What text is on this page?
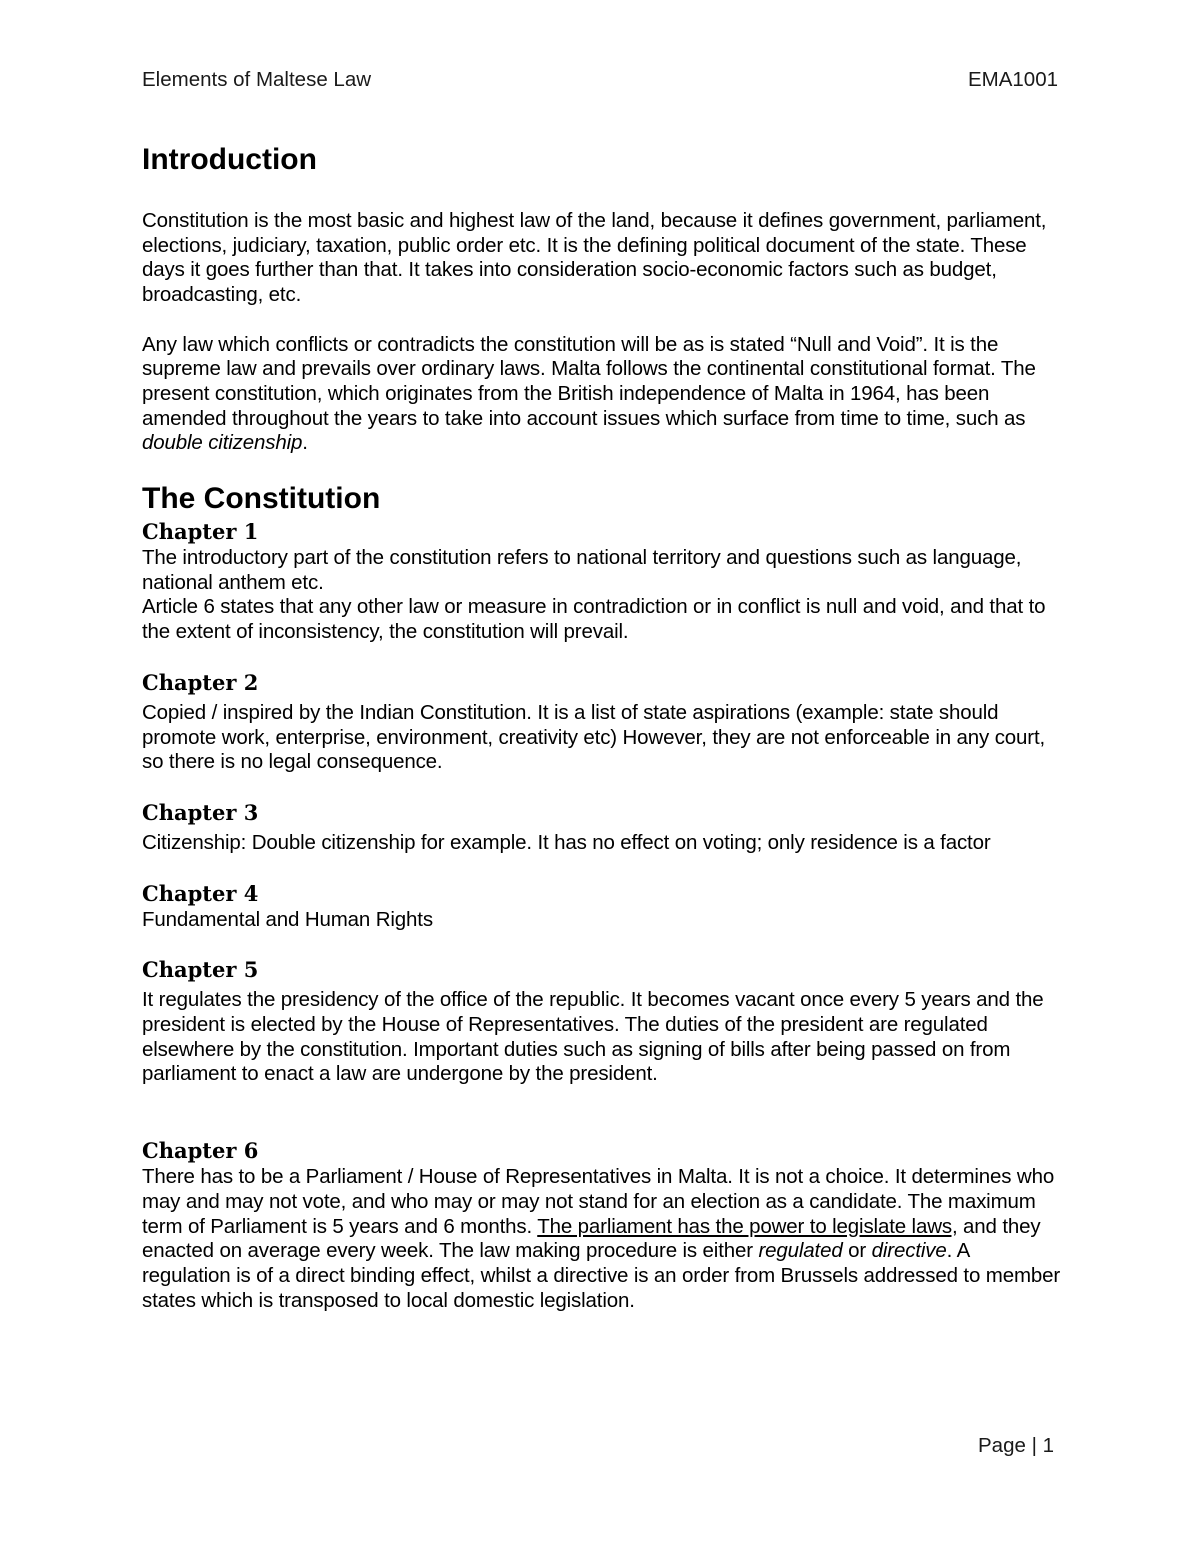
Elements of Maltese Law	EMA1001
Introduction

Constitution is the most basic and highest law of the land, because it defines government, parliament, elections, judiciary, taxation, public order etc. It is the defining political document of the state. These days it goes further than that. It takes into consideration socio-economic factors such as budget, broadcasting, etc.

Any law which conflicts or contradicts the constitution will be as is stated “Null and Void”. It is the supreme law and prevails over ordinary laws. Malta follows the continental constitutional format. The present constitution, which originates from the British independence of Malta in 1964, has been amended throughout the years to take into account issues which surface from time to time, such as double citizenship.

The Constitution
Chapter 1

The introductory part of the constitution refers to national territory and questions such as language, national anthem etc.

Article 6 states that any other law or measure in contradiction or in conflict is null and void, and that to the extent of inconsistency, the constitution will prevail.

Chapter 2

Copied / inspired by the Indian Constitution. It is a list of state aspirations (example: state should promote work, enterprise, environment, creativity etc) However, they are not enforceable in any court, so there is no legal consequence.

Chapter 3

Citizenship: Double citizenship for example. It has no effect on voting; only residence is a factor

Chapter 4

Fundamental and Human Rights

Chapter 5

It regulates the presidency of the office of the republic. It becomes vacant once every 5 years and the president is elected by the House of Representatives. The duties of the president are regulated elsewhere by the constitution. Important duties such as signing of bills after being passed on from parliament to enact a law are undergone by the president.

Chapter 6

There has to be a Parliament / House of Representatives in Malta. It is not a choice. It determines who may and may not vote, and who may or may not stand for an election as a candidate. The maximum term of Parliament is 5 years and 6 months. The parliament has the power to legislate laws, and they enacted on average every week. The law making procedure is either regulated or directive. A regulation is of a direct binding effect, whilst a directive is an order from Brussels addressed to member states which is transposed to local domestic legislation.

Page | 1
